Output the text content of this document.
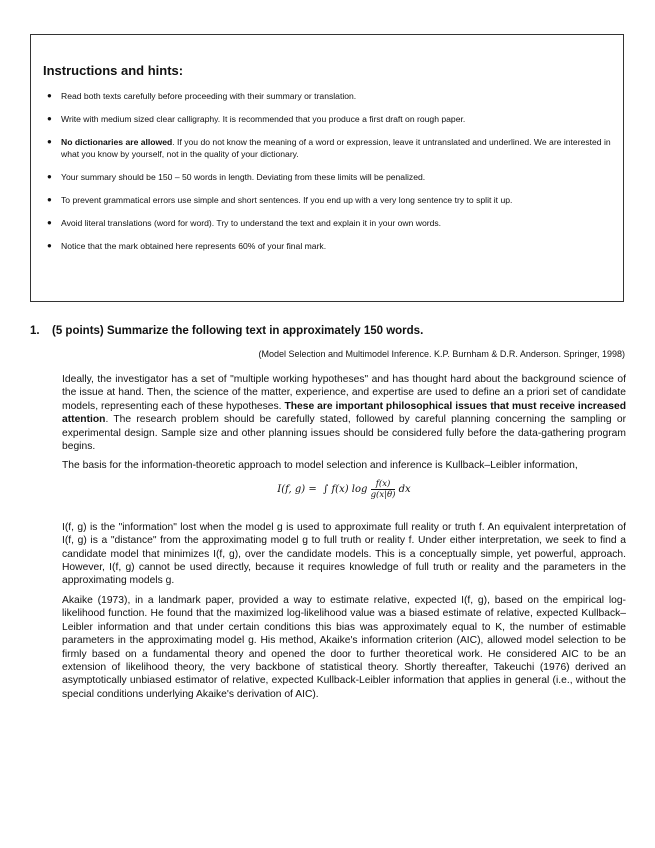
Instructions and hints:
● Read both texts carefully before proceeding with their summary or translation.
● Write with medium sized clear calligraphy. It is recommended that you produce a first draft on rough paper.
● No dictionaries are allowed. If you do not know the meaning of a word or expression, leave it untranslated and underlined. We are interested in what you know by yourself, not in the quality of your dictionary.
● Your summary should be 150 – 50 words in length. Deviating from these limits will be penalized.
● To prevent grammatical errors use simple and short sentences. If you end up with a very long sentence try to split it up.
● Avoid literal translations (word for word). Try to understand the text and explain it in your own words.
● Notice that the mark obtained here represents 60% of your final mark.
1. (5 points) Summarize the following text in approximately 150 words.
(Model Selection and Multimodel Inference. K.P. Burnham & D.R. Anderson. Springer, 1998)
Ideally, the investigator has a set of "multiple working hypotheses" and has thought hard about the background science of the issue at hand. Then, the science of the matter, experience, and expertise are used to define an a priori set of candidate models, representing each of these hypotheses. These are important philosophical issues that must receive increased attention. The research problem should be carefully stated, followed by careful planning concerning the sampling or experimental design. Sample size and other planning issues should be considered fully before the data-gathering program begins.
The basis for the information-theoretic approach to model selection and inference is Kullback–Leibler information,
I(f, g) = ∫ f(x) $\log \frac{f(x)}{g(x|\theta)}$ dx
I(f, g) is the "information" lost when the model g is used to approximate full reality or truth f. An equivalent interpretation of I(f, g) is a "distance" from the approximating model g to full truth or reality f. Under either interpretation, we seek to find a candidate model that minimizes I(f, g), over the candidate models. This is a conceptually simple, yet powerful, approach. However, I(f, g) cannot be used directly, because it requires knowledge of full truth or reality and the parameters in the approximating models g.
Akaike (1973), in a landmark paper, provided a way to estimate relative, expected I(f, g), based on the empirical log-likelihood function. He found that the maximized log-likelihood value was a biased estimate of relative, expected Kullback–Leibler information and that under certain conditions this bias was approximately equal to K, the number of estimable parameters in the approximating model g. His method, Akaike's information criterion (AIC), allowed model selection to be firmly based on a fundamental theory and opened the door to further theoretical work. He considered AIC to be an extension of likelihood theory, the very backbone of statistical theory. Shortly thereafter, Takeuchi (1976) derived an asymptotically unbiased estimator of relative, expected Kullback-Leibler information that applies in general (i.e., without the special conditions underlying Akaike's derivation of AIC).
